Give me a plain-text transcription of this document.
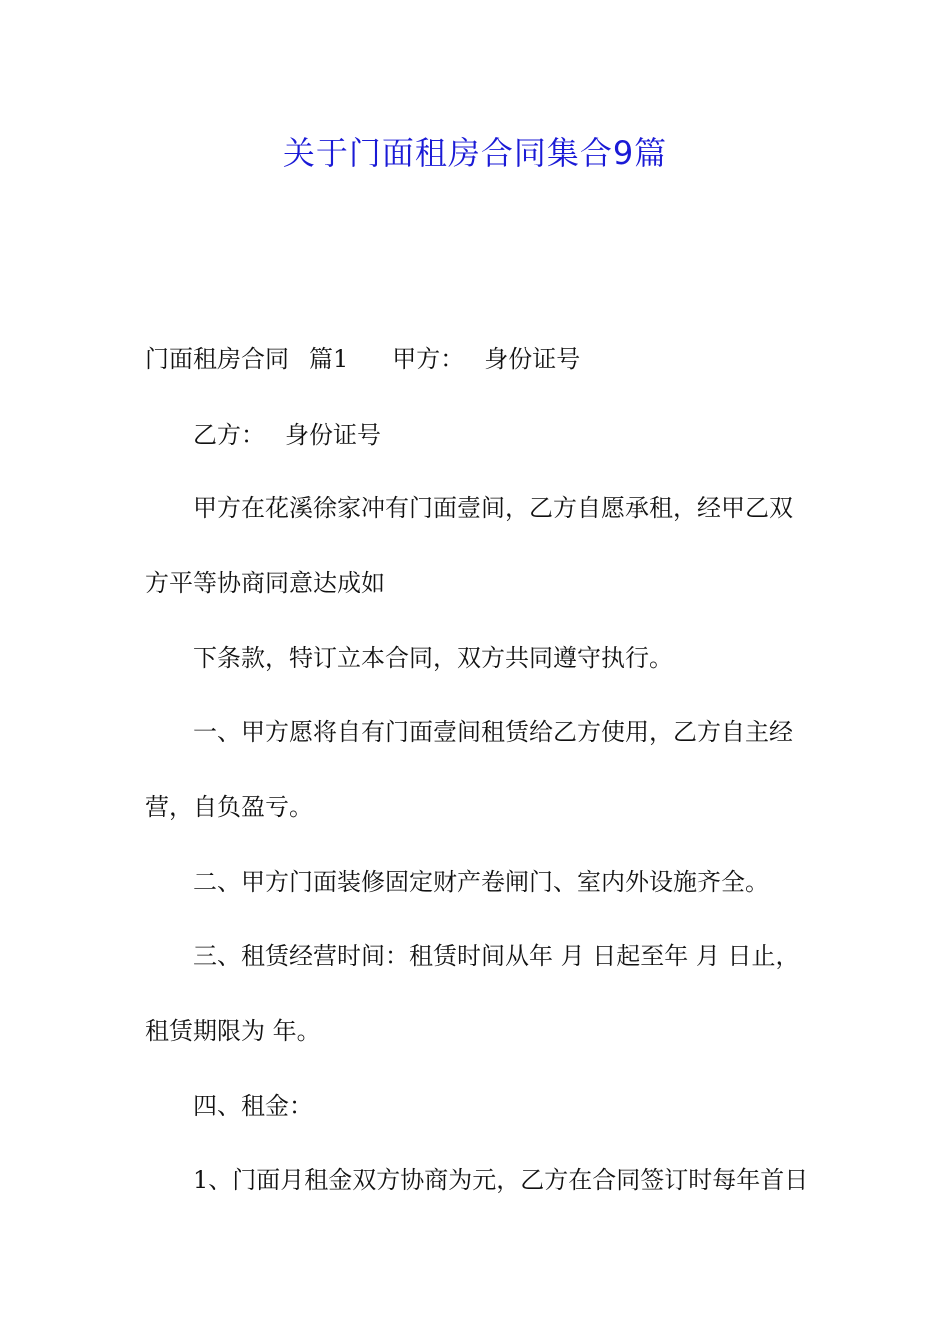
关于门面租房合同集合9篇
门面租房合同 篇1 甲方： 身份证号
乙方： 身份证号
甲方在花溪徐家冲有门面壹间，乙方自愿承租，经甲乙双
方平等协商同意达成如
下条款，特订立本合同，双方共同遵守执行。
一、甲方愿将自有门面壹间租赁给乙方使用，乙方自主经
营，自负盈亏。
二、甲方门面装修固定财产卷闸门、室内外设施齐全。
三、租赁经营时间：租赁时间从年 月 日起至年 月 日止，
租赁期限为 年。
四、租金：
1、门面月租金双方协商为元，乙方在合同签订时每年首日
